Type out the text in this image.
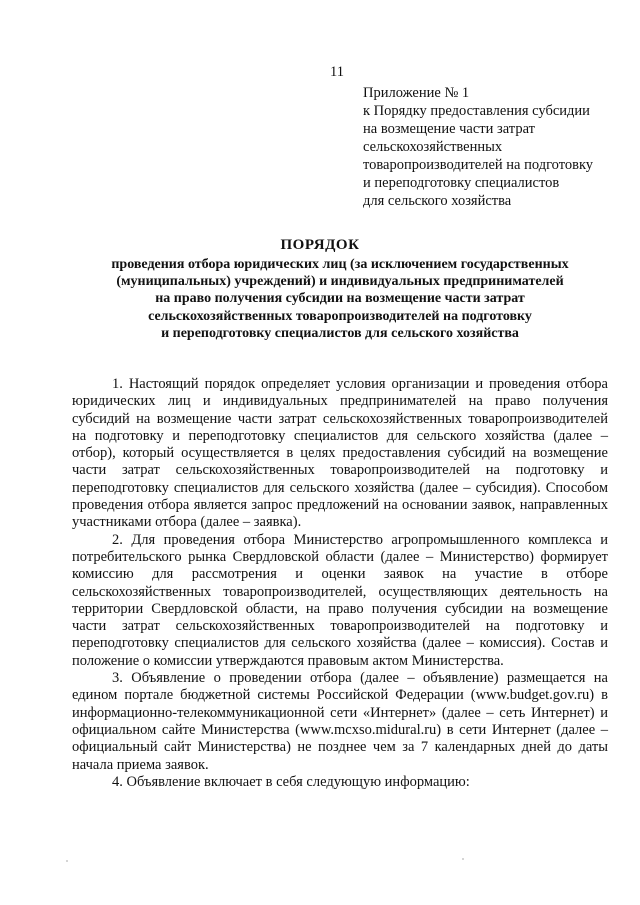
11
Приложение № 1
к Порядку предоставления субсидии
на возмещение части затрат
сельскохозяйственных
товаропроизводителей на подготовку
и переподготовку специалистов
для сельского хозяйства
ПОРЯДОК
проведения отбора юридических лиц (за исключением государственных
(муниципальных) учреждений) и индивидуальных предпринимателей
на право получения субсидии на возмещение части затрат
сельскохозяйственных товаропроизводителей на подготовку
и переподготовку специалистов для сельского хозяйства

1. Настоящий порядок определяет условия организации и проведения отбора юридических лиц и индивидуальных предпринимателей на право получения субсидий на возмещение части затрат сельскохозяйственных товаропроизводителей на подготовку и переподготовку специалистов для сельского хозяйства (далее – отбор), который осуществляется в целях предоставления субсидий на возмещение части затрат сельскохозяйственных товаропроизводителей на подготовку и переподготовку специалистов для сельского хозяйства (далее – субсидия). Способом проведения отбора является запрос предложений на основании заявок, направленных участниками отбора (далее – заявка).

2. Для проведения отбора Министерство агропромышленного комплекса и потребительского рынка Свердловской области (далее – Министерство) формирует комиссию для рассмотрения и оценки заявок на участие в отборе сельскохозяйственных товаропроизводителей, осуществляющих деятельность на территории Свердловской области, на право получения субсидии на возмещение части затрат сельскохозяйственных товаропроизводителей на подготовку и переподготовку специалистов для сельского хозяйства (далее – комиссия). Состав и положение о комиссии утверждаются правовым актом Министерства.

3. Объявление о проведении отбора (далее – объявление) размещается на едином портале бюджетной системы Российской Федерации (www.budget.gov.ru) в информационно-телекоммуникационной сети «Интернет» (далее – сеть Интернет) и официальном сайте Министерства (www.mcxso.midural.ru) в сети Интернет (далее – официальный сайт Министерства) не позднее чем за 7 календарных дней до даты начала приема заявок.

4. Объявление включает в себя следующую информацию:
